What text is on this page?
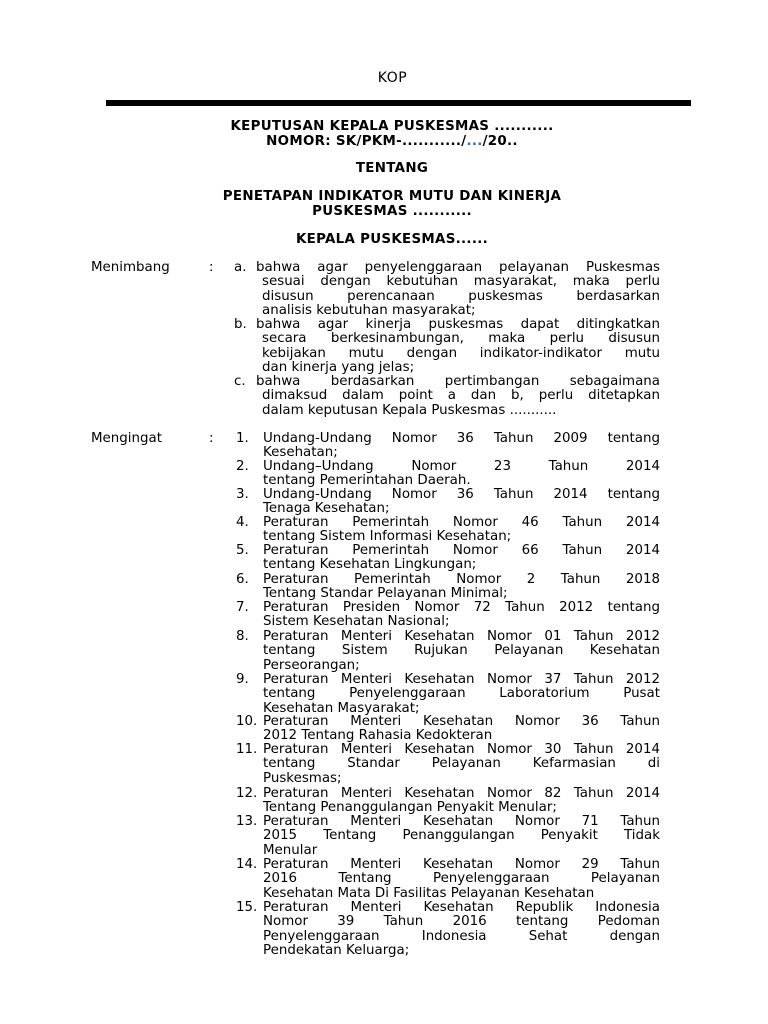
KOP
KEPUTUSAN KEPALA PUSKESMAS ...........
NOMOR: SK/PKM-.........../.../20..
TENTANG
PENETAPAN INDIKATOR MUTU DAN KINERJA
PUSKESMAS ...........
KEPALA PUSKESMAS......
Menimbang	: a. bahwa agar penyelenggaraan pelayanan Puskesmas
sesuai dengan kebutuhan masyarakat, maka perlu
disusun perencanaan puskesmas berdasarkan
analisis kebutuhan masyarakat;
b. bahwa agar kinerja puskesmas dapat ditingkatkan
secara berkesinambungan, maka perlu disusun
kebijakan mutu dengan indikator-indikator mutu
dan kinerja yang jelas;
c. bahwa berdasarkan pertimbangan sebagaimana
dimaksud dalam point a dan b, perlu ditetapkan
dalam keputusan Kepala Puskesmas ...........
Mengingat	: 1. Undang-Undang Nomor 36 Tahun 2009 tentang
Kesehatan;
2. Undang–Undang Nomor 23 Tahun 2014
tentang Pemerintahan Daerah.
3. Undang-Undang Nomor 36 Tahun 2014 tentang
Tenaga Kesehatan;
4. Peraturan Pemerintah Nomor 46 Tahun 2014
tentang Sistem Informasi Kesehatan;
5. Peraturan Pemerintah Nomor 66 Tahun 2014
tentang Kesehatan Lingkungan;
6. Peraturan Pemerintah Nomor 2 Tahun 2018
Tentang Standar Pelayanan Minimal;
7. Peraturan Presiden Nomor 72 Tahun 2012 tentang
Sistem Kesehatan Nasional;
8. Peraturan Menteri Kesehatan Nomor 01 Tahun 2012
tentang Sistem Rujukan Pelayanan Kesehatan
Perseorangan;
9. Peraturan Menteri Kesehatan Nomor 37 Tahun 2012
tentang Penyelenggaraan Laboratorium Pusat
Kesehatan Masyarakat;
10. Peraturan Menteri Kesehatan Nomor 36 Tahun
2012 Tentang Rahasia Kedokteran
11. Peraturan Menteri Kesehatan Nomor 30 Tahun 2014
tentang Standar Pelayanan Kefarmasian di
Puskesmas;
12. Peraturan Menteri Kesehatan Nomor 82 Tahun 2014
Tentang Penanggulangan Penyakit Menular;
13. Peraturan Menteri Kesehatan Nomor 71 Tahun
2015 Tentang Penanggulangan Penyakit Tidak
Menular
14. Peraturan Menteri Kesehatan Nomor 29 Tahun
2016 Tentang Penyelenggaraan Pelayanan
Kesehatan Mata Di Fasilitas Pelayanan Kesehatan
15. Peraturan Menteri Kesehatan Republik Indonesia
Nomor 39 Tahun 2016 tentang Pedoman
Penyelenggaraan Indonesia Sehat dengan
Pendekatan Keluarga;
